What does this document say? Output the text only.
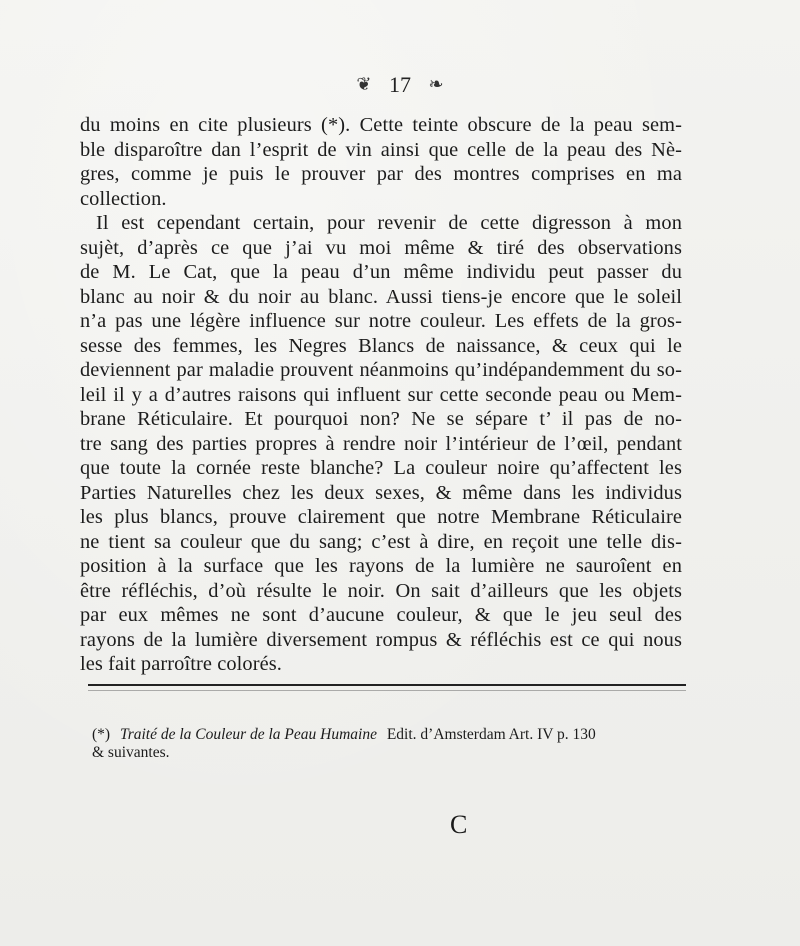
❦ 17 ❧
du moins en cite plusieurs (*). Cette teinte obscure de la peau sem-
ble disparoître dan l’esprit de vin ainsi que celle de la peau des Nè-
gres, comme je puis le prouver par des montres comprises en ma
collection.
Il est cependant certain, pour revenir de cette digresson à mon
sujèt, d’après ce que j’ai vu moi même & tiré des observations
de M. Le Cat, que la peau d’un même individu peut passer du
blanc au noir & du noir au blanc. Aussi tiens-je encore que le soleil
n’a pas une légère influence sur notre couleur. Les effets de la gros-
sesse des femmes, les Negres Blancs de naissance, & ceux qui le
deviennent par maladie prouvent néanmoins qu’indépandemment du so-
leil il y a d’autres raisons qui influent sur cette seconde peau ou Mem-
brane Réticulaire. Et pourquoi non? Ne se sépare t’ il pas de no-
tre sang des parties propres à rendre noir l’intérieur de l’œil, pendant
que toute la cornée reste blanche? La couleur noire qu’affectent les
Parties Naturelles chez les deux sexes, & même dans les individus
les plus blancs, prouve clairement que notre Membrane Réticulaire
ne tient sa couleur que du sang; c’est à dire, en reçoit une telle dis-
position à la surface que les rayons de la lumière ne sauroîent en
être réfléchis, d’où résulte le noir. On sait d’ailleurs que les objets
par eux mêmes ne sont d’aucune couleur, & que le jeu seul des
rayons de la lumière diversement rompus & réfléchis est ce qui nous
les fait parroître colorés.
(*) Traité de la Couleur de la Peau Humaine Edit. d’Amsterdam Art. IV p. 130
& suivantes.
C
